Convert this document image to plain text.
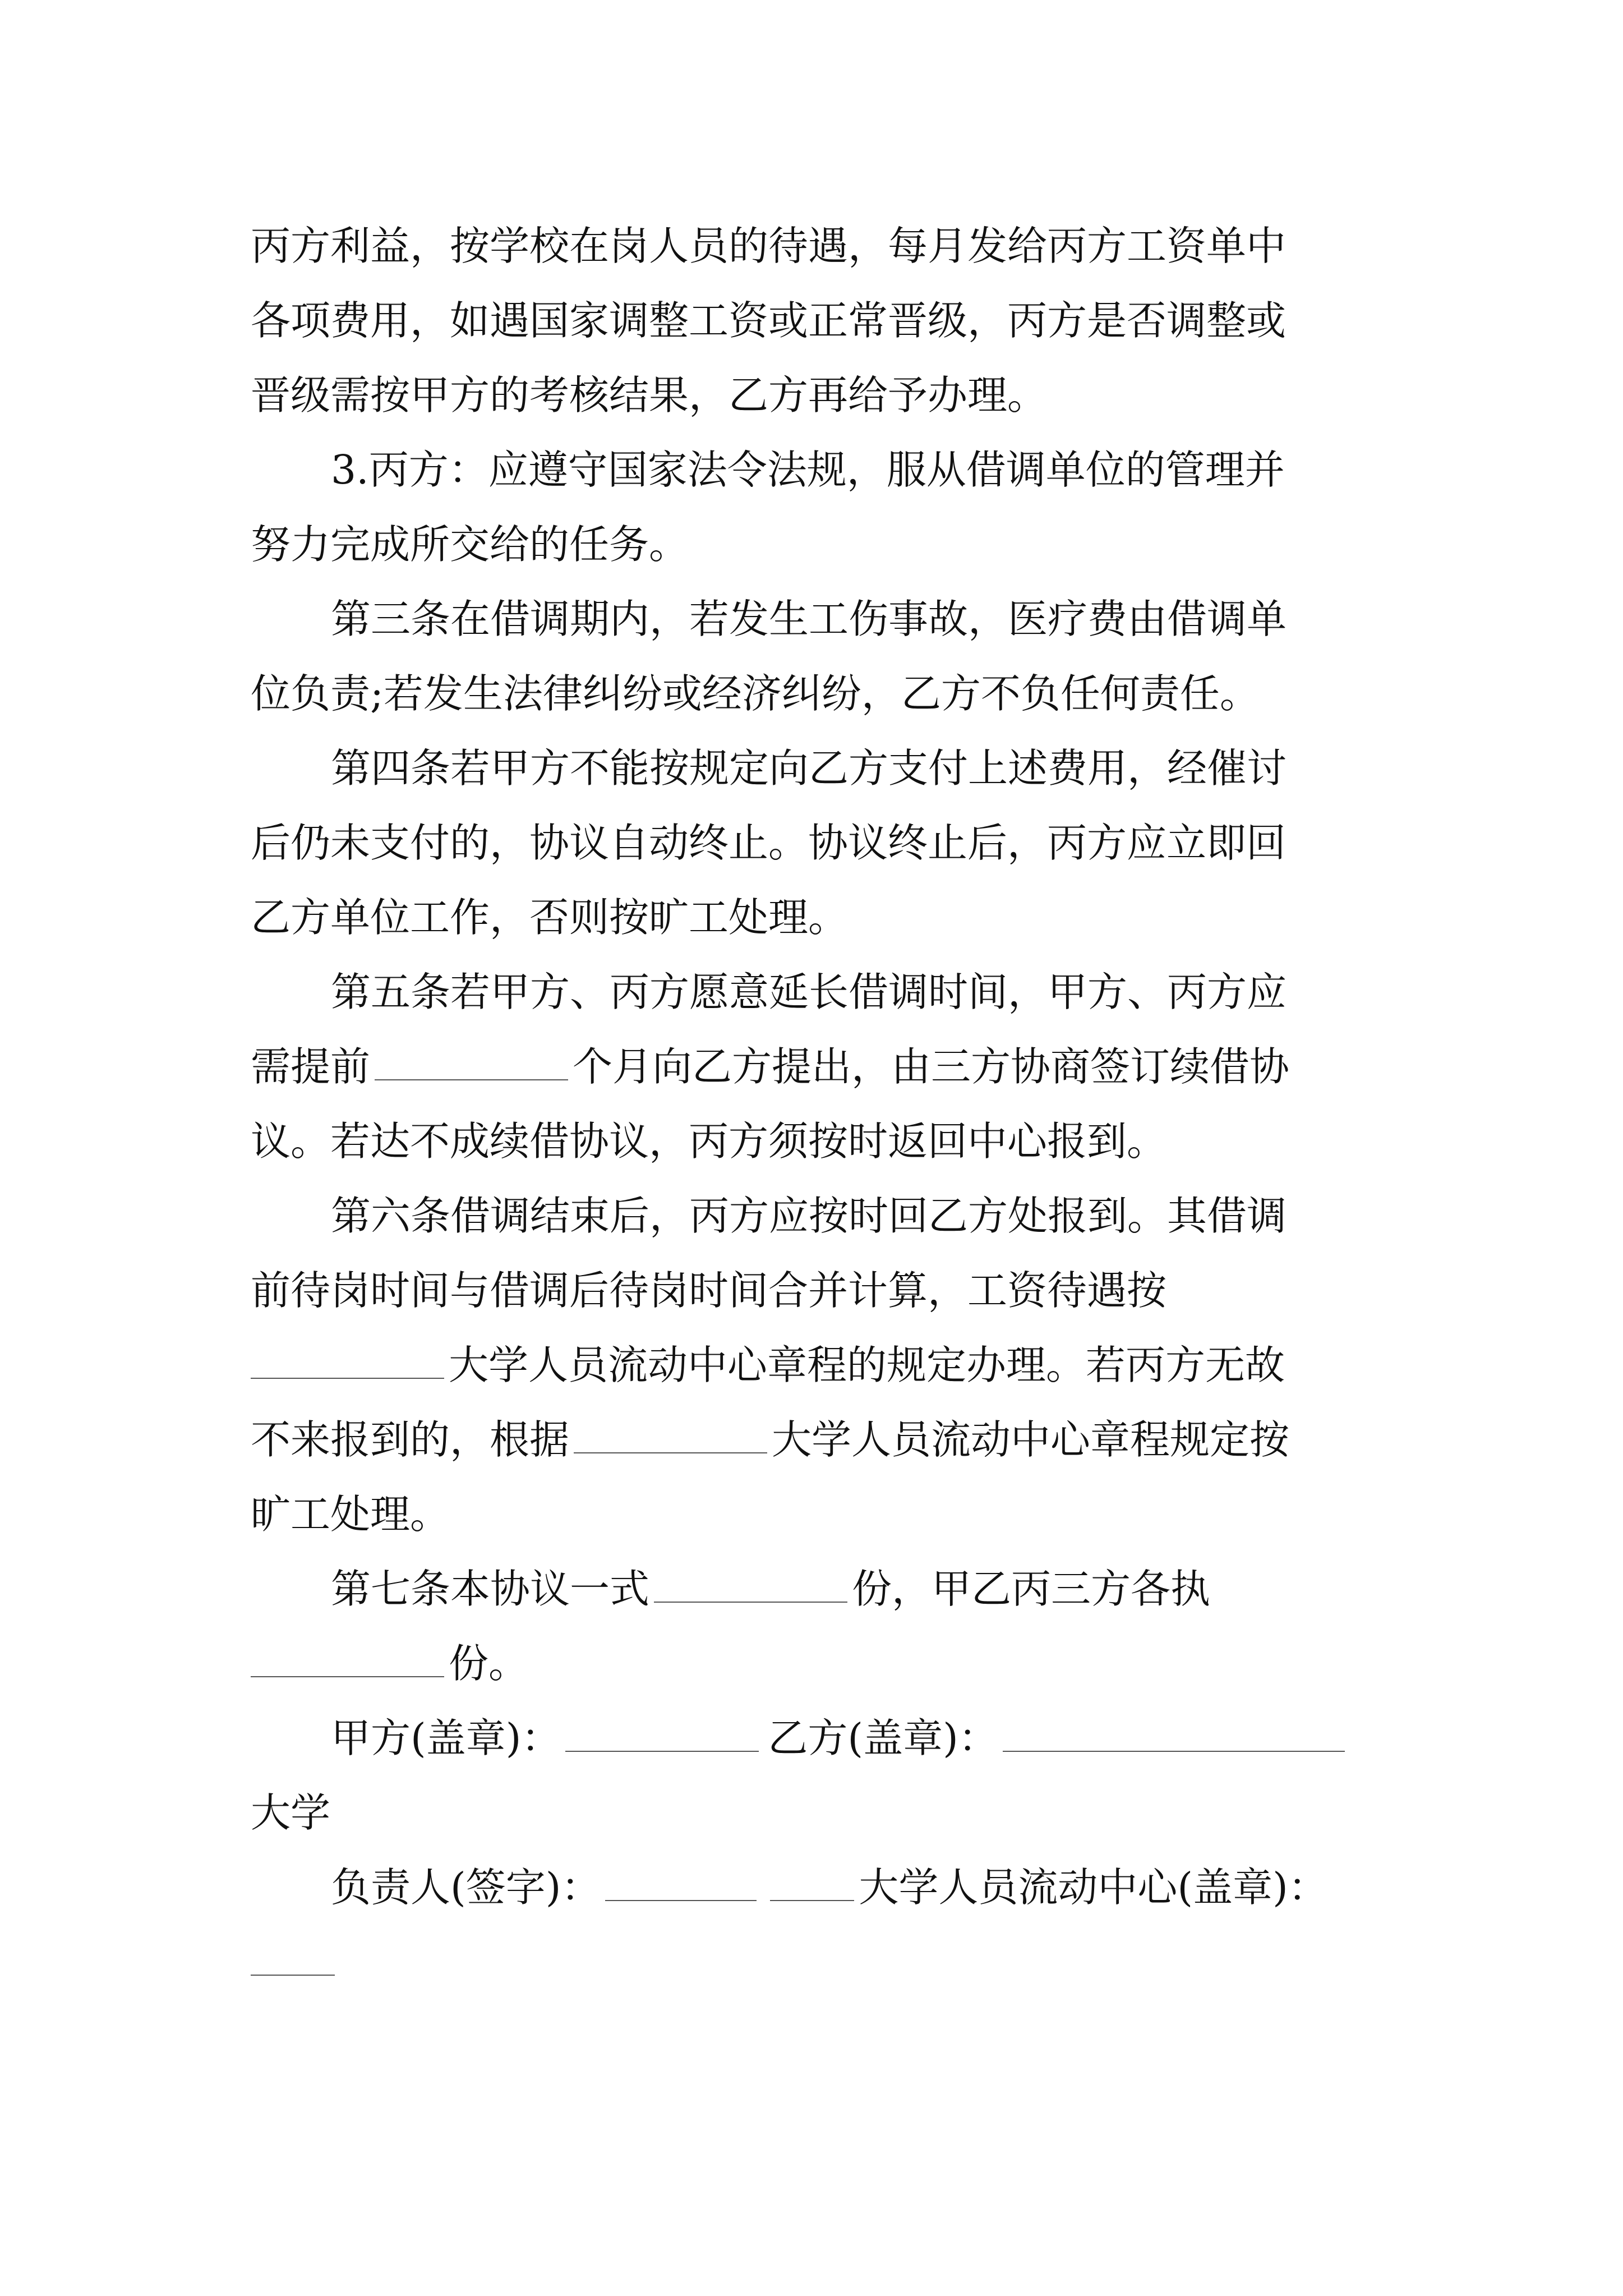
丙方利益，按学校在岗人员的待遇，每月发给丙方工资单中
各项费用，如遇国家调整工资或正常晋级，丙方是否调整或
晋级需按甲方的考核结果，乙方再给予办理。
3.丙方：应遵守国家法令法规，服从借调单位的管理并
努力完成所交给的任务。
第三条在借调期内，若发生工伤事故，医疗费由借调单
位负责;若发生法律纠纷或经济纠纷，乙方不负任何责任。
第四条若甲方不能按规定向乙方支付上述费用，经催讨
后仍未支付的，协议自动终止。协议终止后，丙方应立即回
乙方单位工作，否则按旷工处理。
第五条若甲方、丙方愿意延长借调时间，甲方、丙方应
需提前	个月向乙方提出，由三方协商签订续借协
议。若达不成续借协议，丙方须按时返回中心报到。
第六条借调结束后，丙方应按时回乙方处报到。其借调
前待岗时间与借调后待岗时间合并计算，工资待遇按
大学人员流动中心章程的规定办理。若丙方无故
不来报到的，根据	大学人员流动中心章程规定按
旷工处理。
第七条本协议一式	份，甲乙丙三方各执
份。
甲方(盖章)：	乙方(盖章)：
大学
负责人(签字)：	大学人员流动中心(盖章)：
